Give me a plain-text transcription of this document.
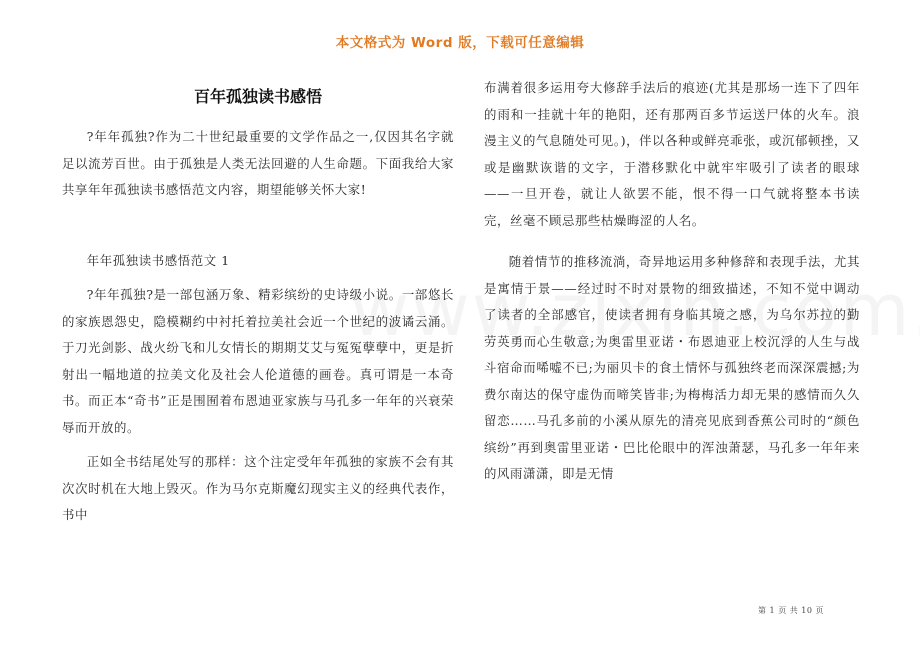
本文格式为 Word 版，下载可任意编辑
百年孤独读书感悟

?年年孤独?作为二十世纪最重要的文学作品之一,仅因其名字就足以流芳百世。由于孤独是人类无法回避的人生命题。下面我给大家共享年年孤独读书感悟范文内容，期望能够关怀大家!

年年孤独读书感悟范文 1

?年年孤独?是一部包涵万象、精彩缤纷的史诗级小说。一部悠长的家族恩怨史，隐模糊约中衬托着拉美社会近一个世纪的波谲云涌。于刀光剑影、战火纷飞和儿女情长的期期艾艾与冤冤孽孽中，更是折射出一幅地道的拉美文化及社会人伦道德的画卷。真可谓是一本奇书。而正本“奇书”正是围囿着布恩迪亚家族与马孔多一年年的兴衰荣辱而开放的。

正如全书结尾处写的那样：这个注定受年年孤独的家族不会有其次次时机在大地上毁灭。作为马尔克斯魔幻现实主义的经典代表作，书中

布满着很多运用夸大修辞手法后的痕迹(尤其是那场一连下了四年的雨和一挂就十年的艳阳，还有那两百多节运送尸体的火车。浪漫主义的气息随处可见。)，伴以各种或鲜亮乖张，或沉郁顿挫，又或是幽默诙谐的文字，于潜移默化中就牢牢吸引了读者的眼球——一旦开卷，就让人欲罢不能，恨不得一口气就将整本书读完，丝毫不顾忌那些枯燥晦涩的人名。

随着情节的推移流淌，奇异地运用多种修辞和表现手法，尤其是寓情于景——经过时不时对景物的细致描述，不知不觉中调动了读者的全部感官，使读者拥有身临其境之感，为乌尔苏拉的勤劳英勇而心生敬意;为奥雷里亚诺・布恩迪亚上校沉浮的人生与战斗宿命而唏嘘不已;为丽贝卡的食土情怀与孤独终老而深深震撼;为费尔南达的保守虚伪而啼笑皆非;为梅梅活力却无果的感情而久久留恋……马孔多前的小溪从原先的清亮见底到香蕉公司时的“颜色缤纷”再到奥雷里亚诺・巴比伦眼中的浑浊萧瑟，马孔多一年年来的风雨潇潇，即是无情

第 1 页 共 10 页
